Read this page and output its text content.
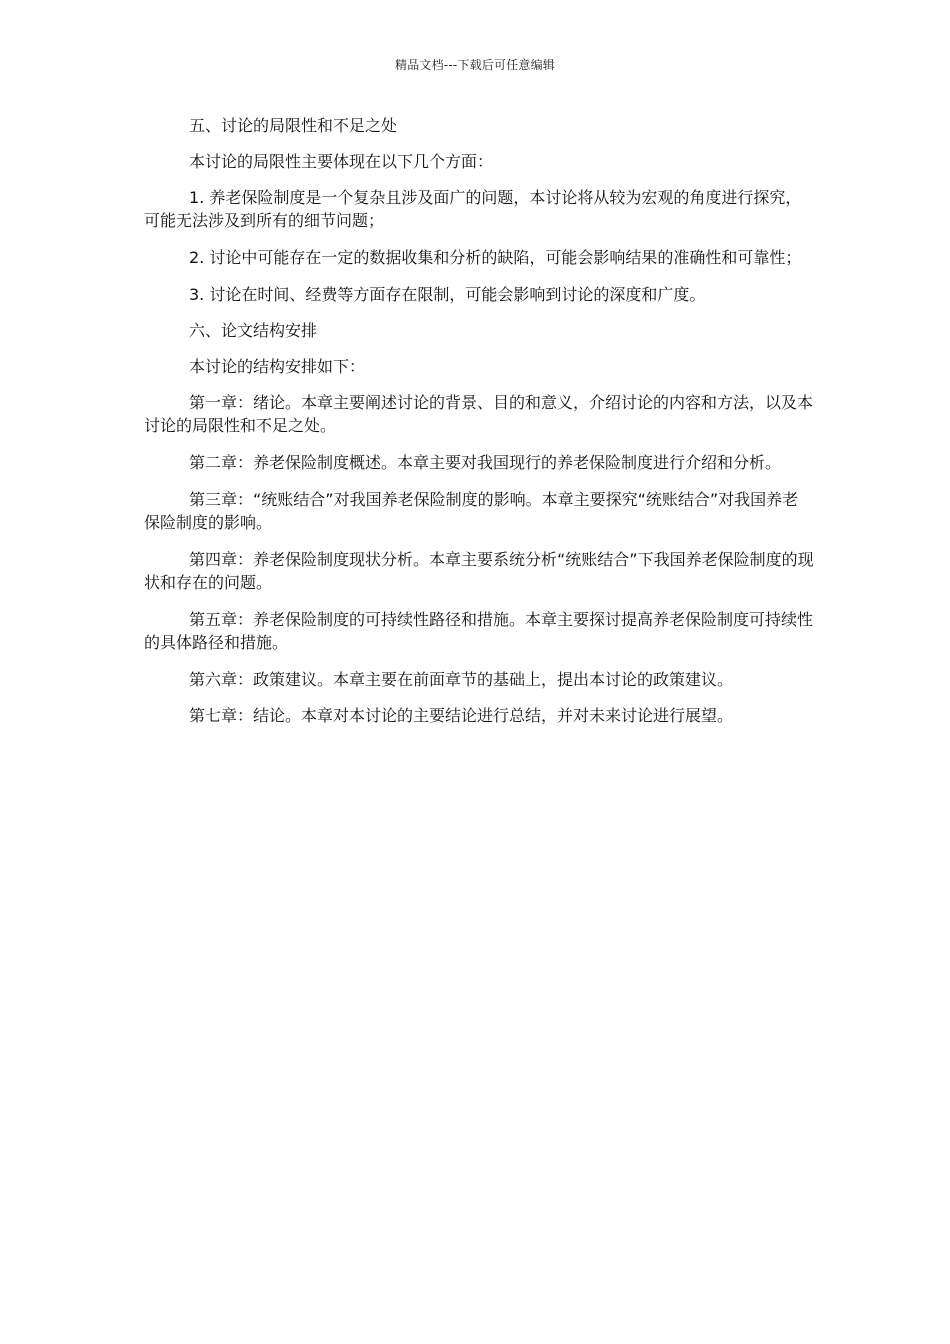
精品文档---下载后可任意编辑

五、讨论的局限性和不足之处

本讨论的局限性主要体现在以下几个方面：

1. 养老保险制度是一个复杂且涉及面广的问题，本讨论将从较为宏观的角度进行探究，可能无法涉及到所有的细节问题；

2. 讨论中可能存在一定的数据收集和分析的缺陷，可能会影响结果的准确性和可靠性；

3. 讨论在时间、经费等方面存在限制，可能会影响到讨论的深度和广度。

六、论文结构安排

本讨论的结构安排如下：

第一章：绪论。本章主要阐述讨论的背景、目的和意义，介绍讨论的内容和方法，以及本讨论的局限性和不足之处。

第二章：养老保险制度概述。本章主要对我国现行的养老保险制度进行介绍和分析。

第三章：“统账结合”对我国养老保险制度的影响。本章主要探究“统账结合”对我国养老保险制度的影响。

第四章：养老保险制度现状分析。本章主要系统分析“统账结合”下我国养老保险制度的现状和存在的问题。

第五章：养老保险制度的可持续性路径和措施。本章主要探讨提高养老保险制度可持续性的具体路径和措施。

第六章：政策建议。本章主要在前面章节的基础上，提出本讨论的政策建议。

第七章：结论。本章对本讨论的主要结论进行总结，并对未来讨论进行展望。
